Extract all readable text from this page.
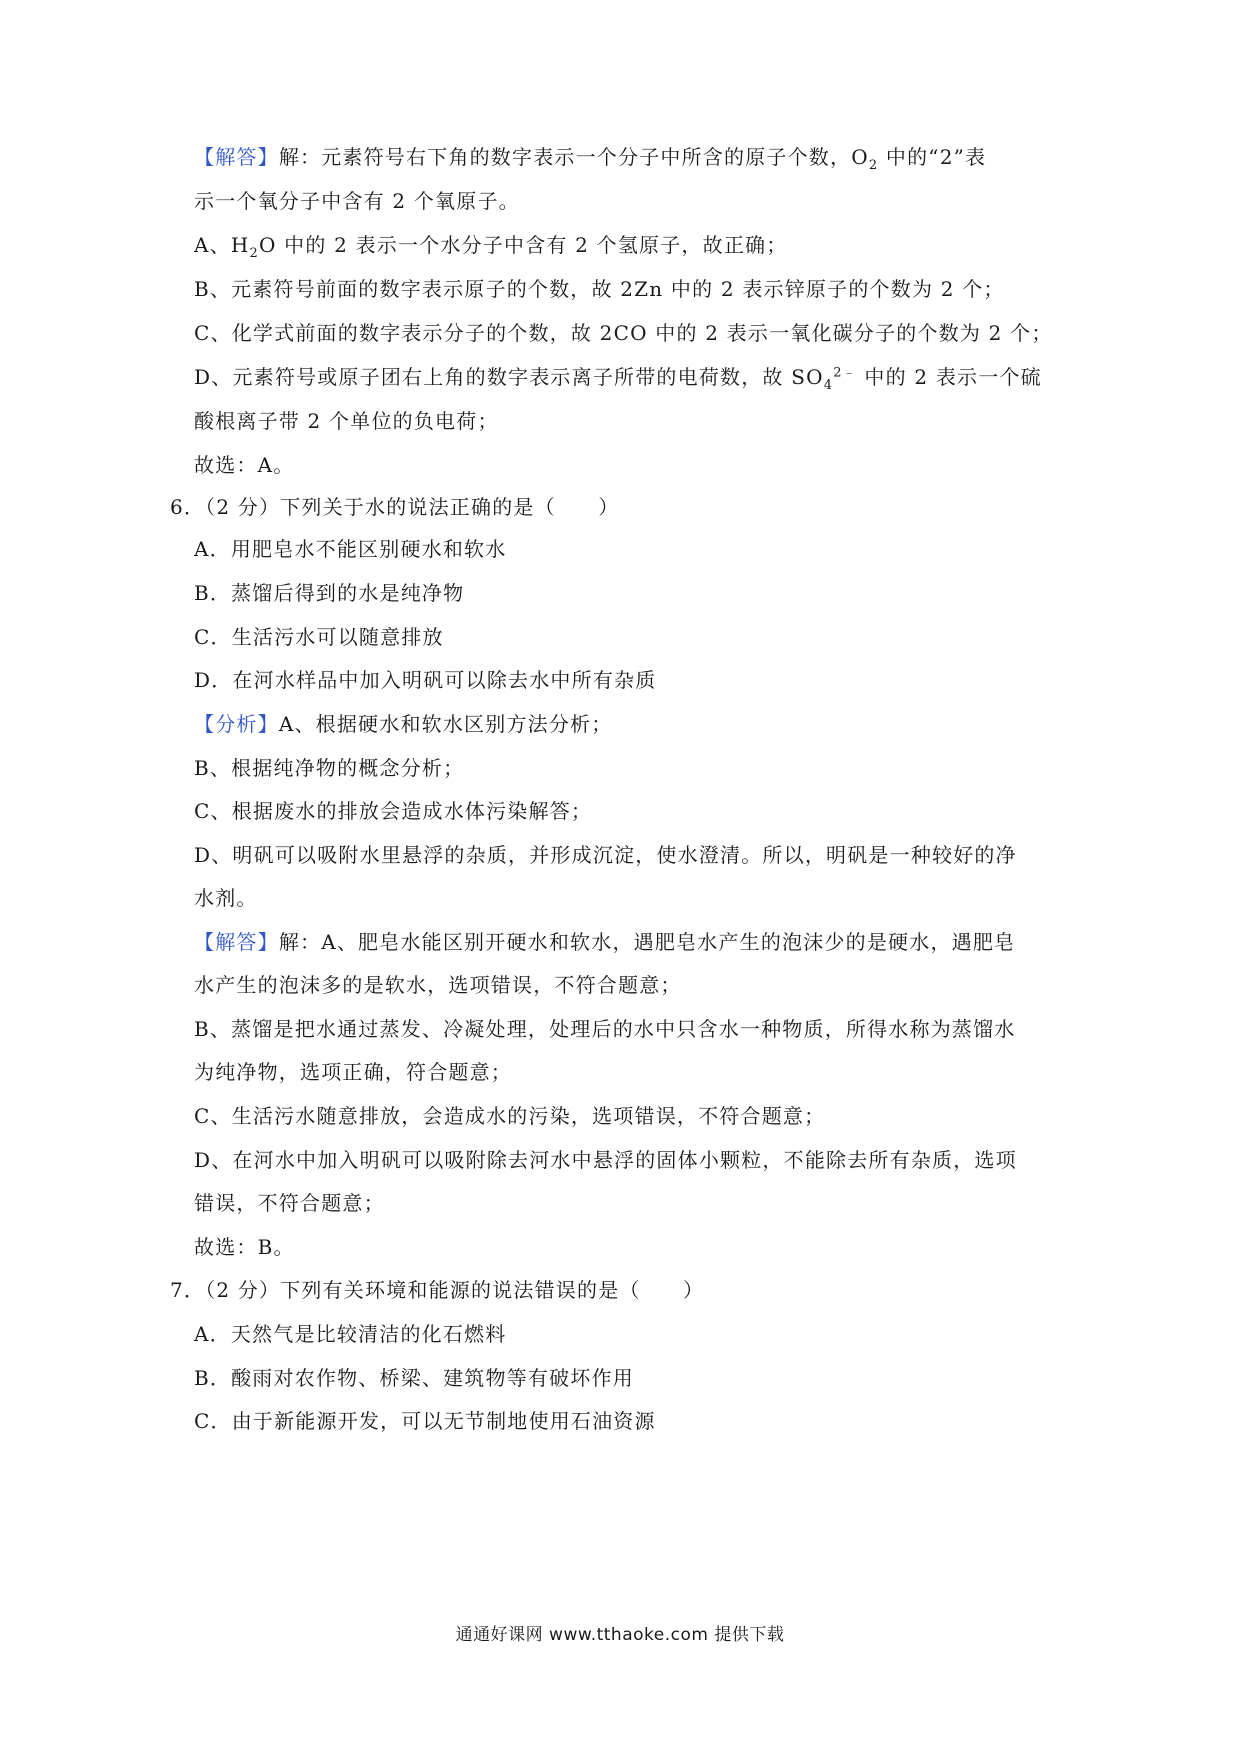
【解答】解：元素符号右下角的数字表示一个分子中所含的原子个数，$O_2$ 中的“2”表
示一个氧分子中含有 2 个氧原子。
A、$H_2O$ 中的 2 表示一个水分子中含有 2 个氢原子，故正确；
B、元素符号前面的数字表示原子的个数，故 2Zn 中的 2 表示锌原子的个数为 2 个；
C、化学式前面的数字表示分子的个数，故 2CO 中的 2 表示一氧化碳分子的个数为 2 个；
D、元素符号或原子团右上角的数字表示离子所带的电荷数，故 $SO_4^{2﹣}$ 中的 2 表示一个硫
酸根离子带 2 个单位的负电荷；
故选：A。
6．（2 分）下列关于水的说法正确的是（　　）
A．用肥皂水不能区别硬水和软水
B．蒸馏后得到的水是纯净物
C．生活污水可以随意排放
D．在河水样品中加入明矾可以除去水中所有杂质
【分析】A、根据硬水和软水区别方法分析；
B、根据纯净物的概念分析；
C、根据废水的排放会造成水体污染解答；
D、明矾可以吸附水里悬浮的杂质，并形成沉淀，使水澄清。所以，明矾是一种较好的净
水剂。
【解答】解：A、肥皂水能区别开硬水和软水，遇肥皂水产生的泡沫少的是硬水，遇肥皂
水产生的泡沫多的是软水，选项错误，不符合题意；
B、蒸馏是把水通过蒸发、冷凝处理，处理后的水中只含水一种物质，所得水称为蒸馏水
为纯净物，选项正确，符合题意；
C、生活污水随意排放，会造成水的污染，选项错误，不符合题意；
D、在河水中加入明矾可以吸附除去河水中悬浮的固体小颗粒，不能除去所有杂质，选项
错误，不符合题意；
故选：B。
7．（2 分）下列有关环境和能源的说法错误的是（　　）
A．天然气是比较清洁的化石燃料
B．酸雨对农作物、桥梁、建筑物等有破坏作用
C．由于新能源开发，可以无节制地使用石油资源
通通好课网 www.tthaoke.com 提供下载
